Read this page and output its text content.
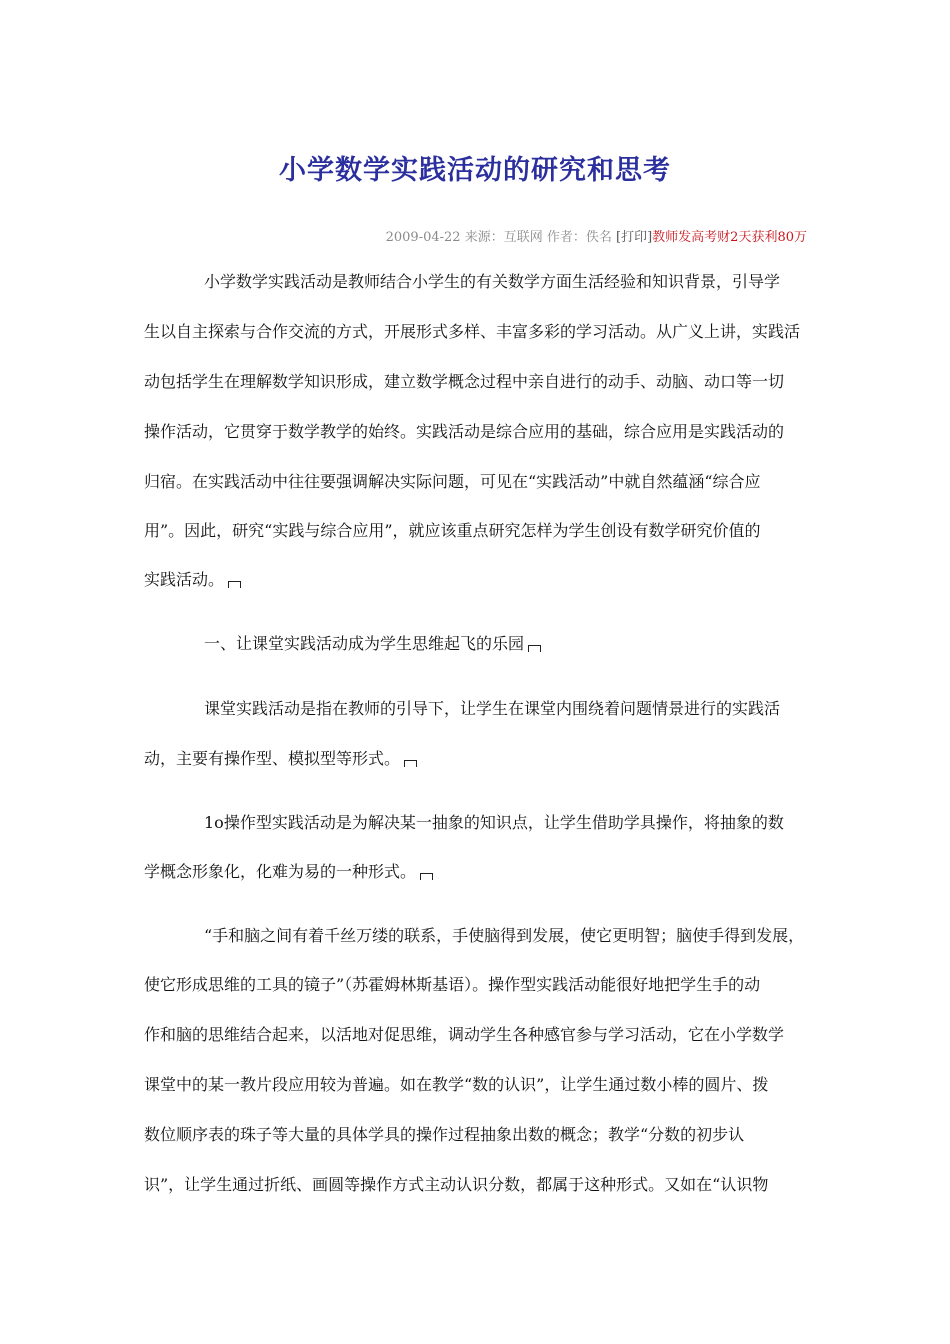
小学数学实践活动的研究和思考
2009-04-22 来源：互联网 作者：佚名 [打印]教师发高考财2天获利80万
小学数学实践活动是教师结合小学生的有关数学方面生活经验和知识背景，引导学
生以自主探索与合作交流的方式，开展形式多样、丰富多彩的学习活动。从广义上讲，实践活
动包括学生在理解数学知识形成，建立数学概念过程中亲自进行的动手、动脑、动口等一切
操作活动，它贯穿于数学教学的始终。实践活动是综合应用的基础，综合应用是实践活动的
归宿。在实践活动中往往要强调解决实际问题，可见在“实践活动”中就自然蕴涵“综合应
用”。因此，研究“实践与综合应用”，就应该重点研究怎样为学生创设有数学研究价值的
实践活动。
一、让课堂实践活动成为学生思维起飞的乐园
课堂实践活动是指在教师的引导下，让学生在课堂内围绕着问题情景进行的实践活
动，主要有操作型、模拟型等形式。
1o操作型实践活动是为解决某一抽象的知识点，让学生借助学具操作，将抽象的数
学概念形象化，化难为易的一种形式。
“手和脑之间有着千丝万缕的联系，手使脑得到发展，使它更明智；脑使手得到发展，
使它形成思维的工具的镜子”（苏霍姆林斯基语）。操作型实践活动能很好地把学生手的动
作和脑的思维结合起来，以活地对促思维，调动学生各种感官参与学习活动，它在小学数学
课堂中的某一教片段应用较为普遍。如在教学“数的认识”，让学生通过数小棒的圆片、拨
数位顺序表的珠子等大量的具体学具的操作过程抽象出数的概念；教学“分数的初步认
识”，让学生通过折纸、画圆等操作方式主动认识分数，都属于这种形式。又如在“认识物
